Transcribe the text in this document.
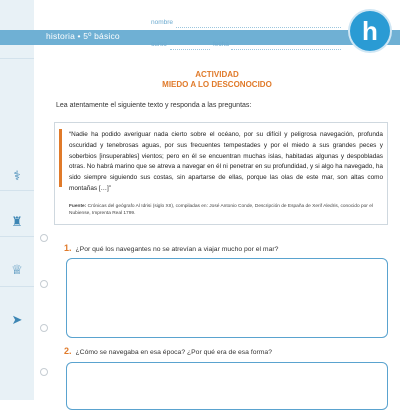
⚕
♜
♕
➤
historia • 5º básico
nombre
curso	fecha	h
ACTIVIDAD
MIEDO A LO DESCONOCIDO
Lea atentamente el siguiente texto y responda a las preguntas:
“Nadie ha podido averiguar nada cierto sobre el océano, por su difícil y peligrosa navegación, profunda oscuridad y tenebrosas aguas, por sus frecuentes tempestades y por el miedo a sus grandes peces y soberbios [insuperables] vientos; pero en él se encuentran muchas islas, habitadas algunas y despobladas otras. No habrá marino que se atreva a navegar en él ni penetrar en su profundidad, y si algo ha navegado, ha sido siempre siguiendo sus costas, sin apartarse de ellas, porque las olas de este mar, son altas como montañas […]”
Fuente: Crónicas del geógrafo Al Idrisi (siglo XII), compiladas en: José Antonio Conde, Descripción de España de Xerif Aledris, conocido por el Nubiense, Imprenta Real 1799.
1. ¿Por qué los navegantes no se atrevían a viajar mucho por el mar?
2. ¿Cómo se navegaba en esa época? ¿Por qué era de esa forma?
